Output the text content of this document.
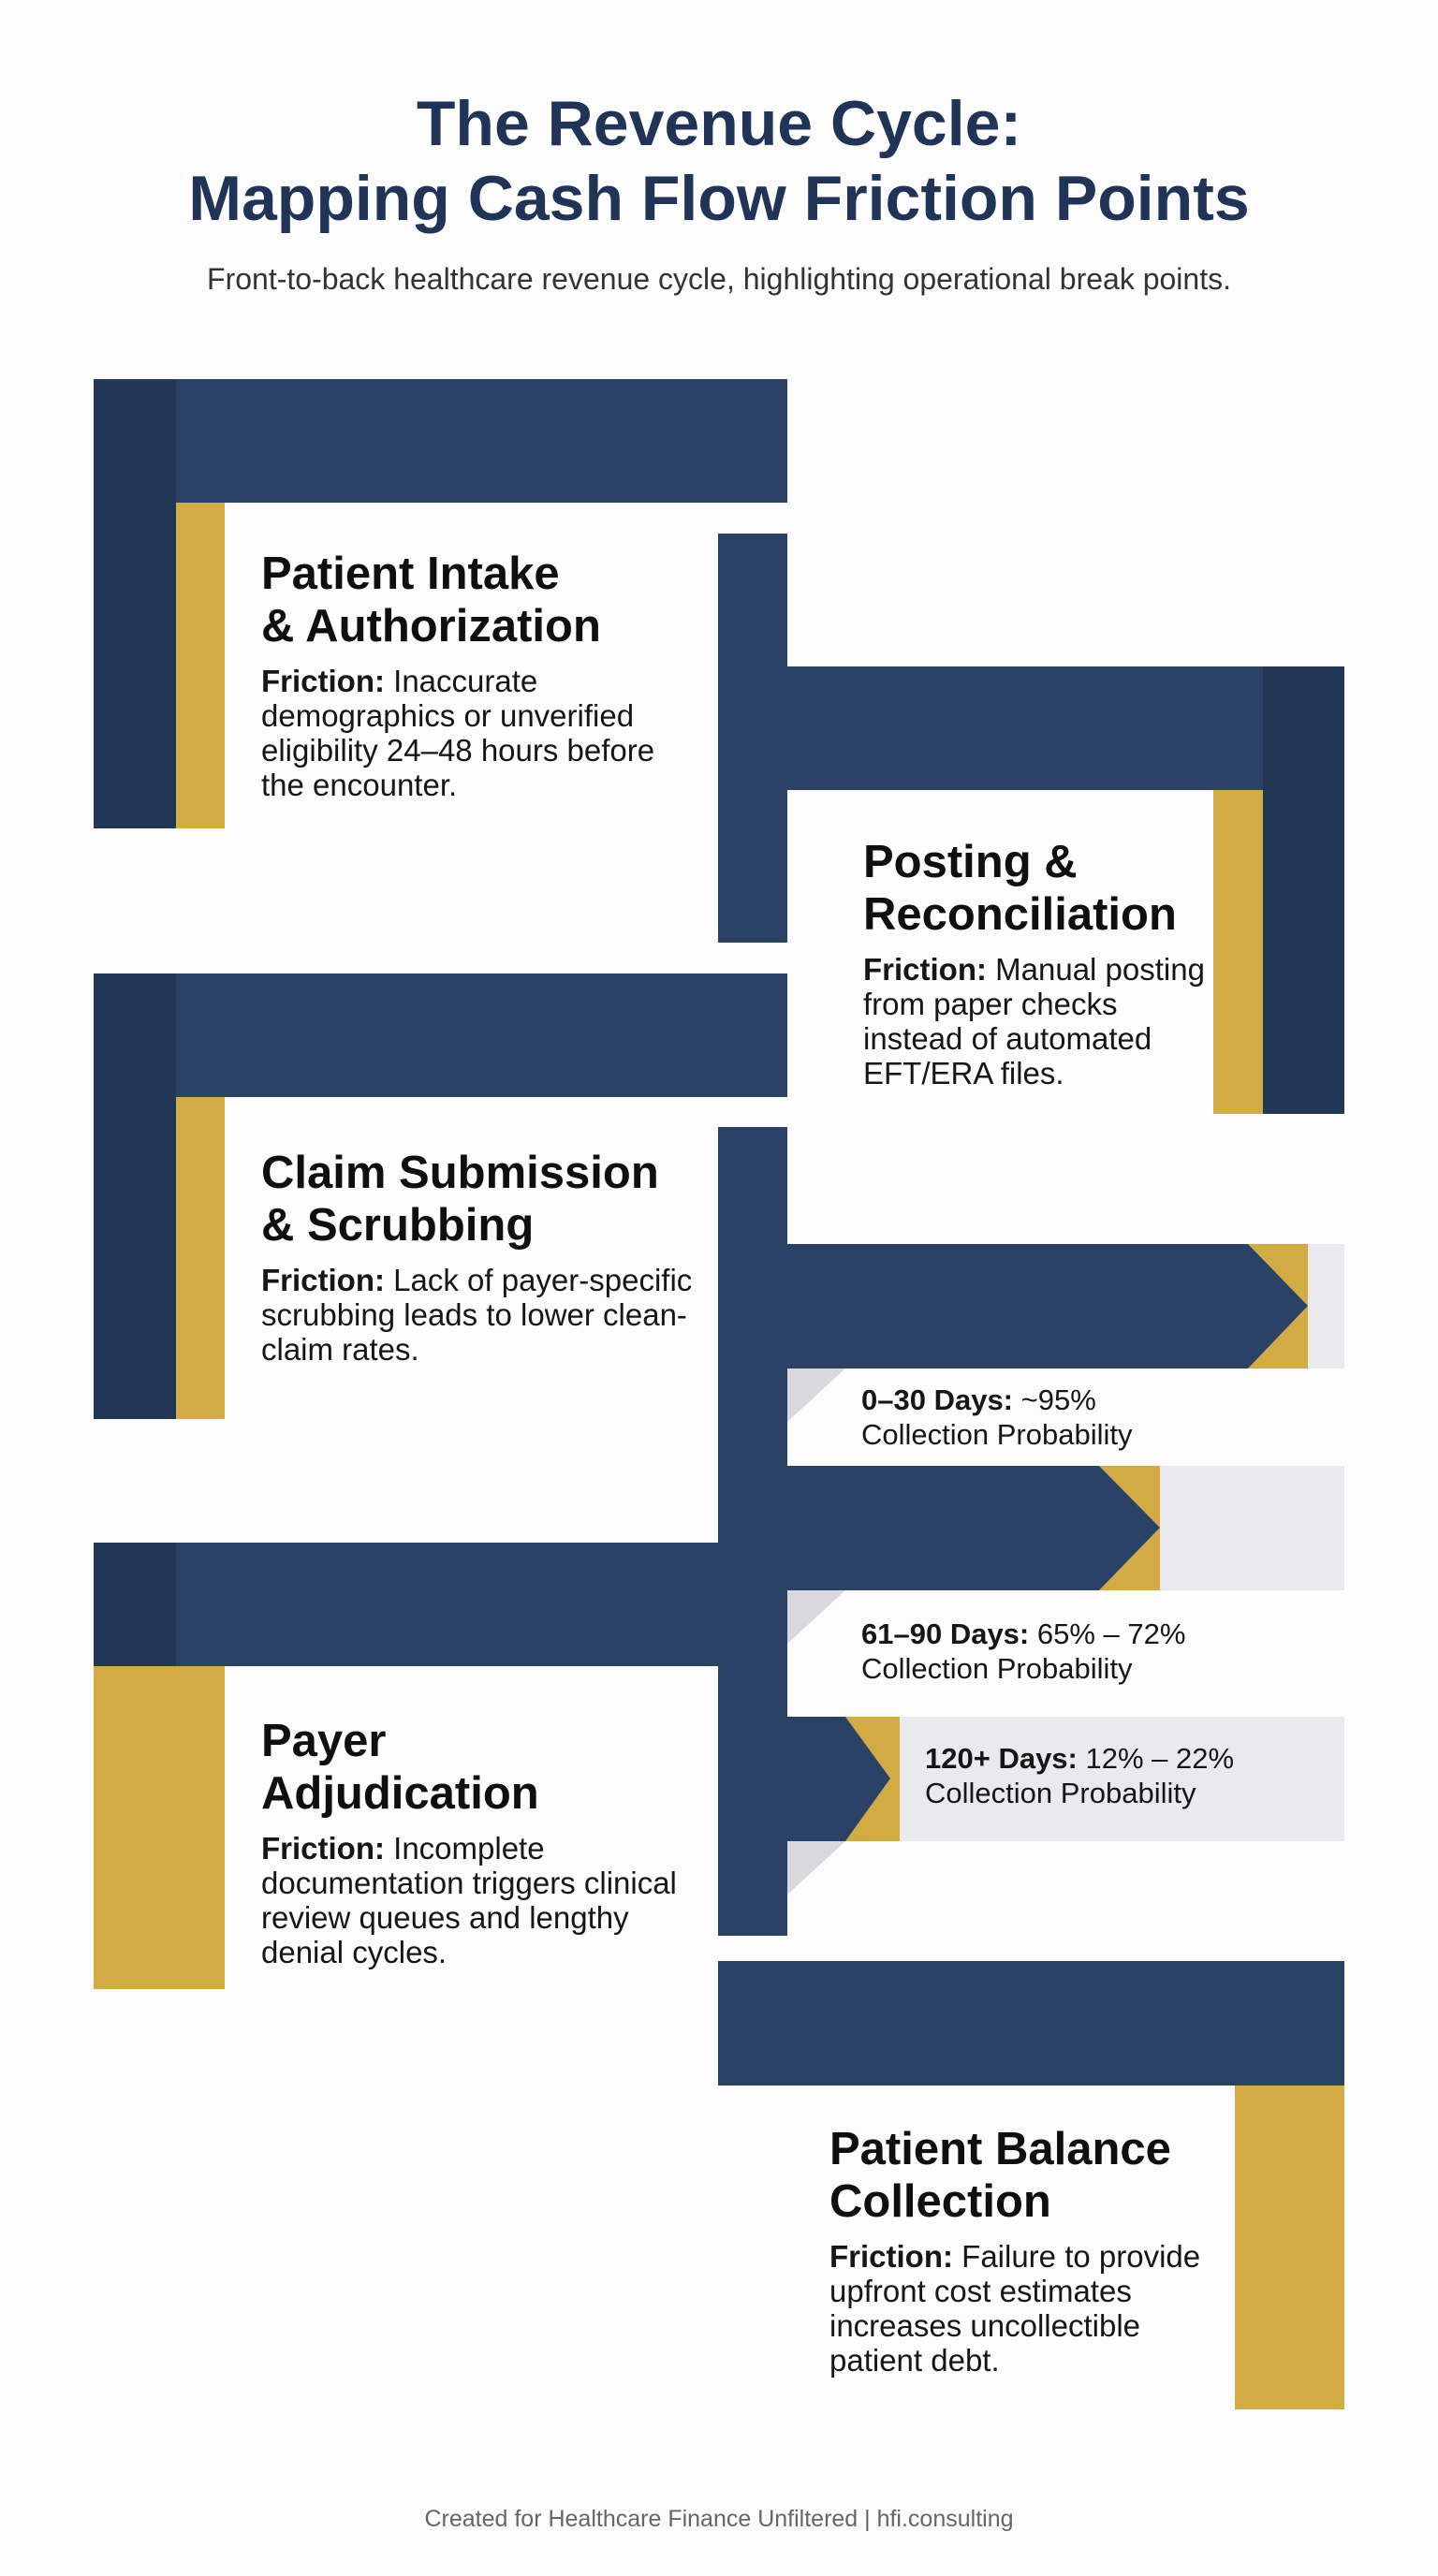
The Revenue Cycle:
Mapping Cash Flow Friction Points
Front-to-back healthcare revenue cycle, highlighting operational break points.
Patient Intake
& Authorization
Friction: Inaccurate demographics or unverified eligibility 24–48 hours before the encounter.
Posting &
Reconciliation
Friction: Manual posting from paper checks instead of automated EFT/ERA files.
Claim Submission
& Scrubbing
Friction: Lack of payer-specific scrubbing leads to lower clean-claim rates.
0–30 Days: ~95%
Collection Probability
61–90 Days: 65% – 72%
Collection Probability
120+ Days: 12% – 22%
Collection Probability
Payer
Adjudication
Friction: Incomplete documentation triggers clinical review queues and lengthy denial cycles.
Patient Balance
Collection
Friction: Failure to provide upfront cost estimates increases uncollectible patient debt.
Created for Healthcare Finance Unfiltered | hfi.consulting
